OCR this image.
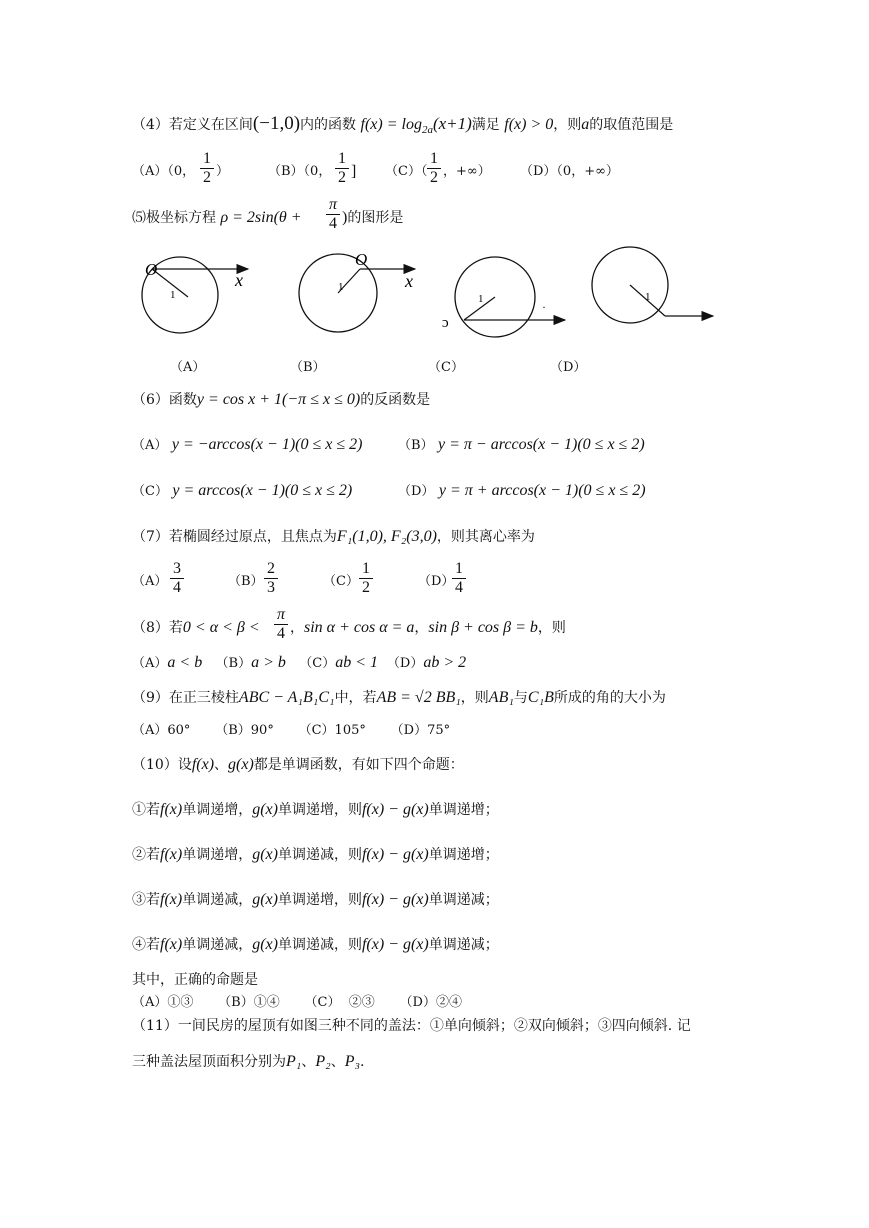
（4）若定义在区间(−1,0)内的函数 $f(x) = \log_{2a}(x+1)$满足 f(x) > 0，则a的取值范围是
（A）（0，
1
2 ）	（B）（0，
1
2 ] （C）（
1
2 ，+∞） （D）（0，+∞）
⑸极坐标方程 ρ = 2sin(θ +
π
4 )的图形是
O
x
1
O
x
1
ɔ
·
1	1
（A）	（B）	（C）	（D）
（6）函数y = cos x + 1(−π ≤ x ≤ 0)的反函数是
（A） y = −arccos(x − 1)(0 ≤ x ≤ 2)	（B） y = π − arccos(x − 1)(0 ≤ x ≤ 2)
（C） y = arccos(x − 1)(0 ≤ x ≤ 2)	（D） y = π + arccos(x − 1)(0 ≤ x ≤ 2)
（7）若椭圆经过原点，且焦点为F₁(1,0), F₂(3,0)，则其离心率为
（A）
3
4	（B）
2
3	（C）
1
2	（D）
1
4
（8）若0 < α < β <
π
4 ，sin α + cos α = a，sin β + cos β = b，则
（A）a < b （B）a > b （C）ab < 1 （D）ab > 2
（9）在正三棱柱ABC − A₁B₁C₁中，若AB = √2 BB₁，则AB₁与C₁B所成的角的大小为
（A）60°      （B）90°      （C）105°      （D）75°
（10）设f(x)、g(x)都是单调函数，有如下四个命题：
①若f(x)单调递增，g(x)单调递增，则f(x) − g(x)单调递增；
②若f(x)单调递增，g(x)单调递减，则f(x) − g(x)单调递增；
③若f(x)单调递减，g(x)单调递增，则f(x) − g(x)单调递减；
④若f(x)单调递减，g(x)单调递减，则f(x) − g(x)单调递减；
其中，正确的命题是
（A）①③      （B）①④      （C）  ②③      （D）②④
（11）一间民房的屋顶有如图三种不同的盖法：①单向倾斜；②双向倾斜；③四向倾斜. 记
三种盖法屋顶面积分别为P₁、P₂、P₃.
